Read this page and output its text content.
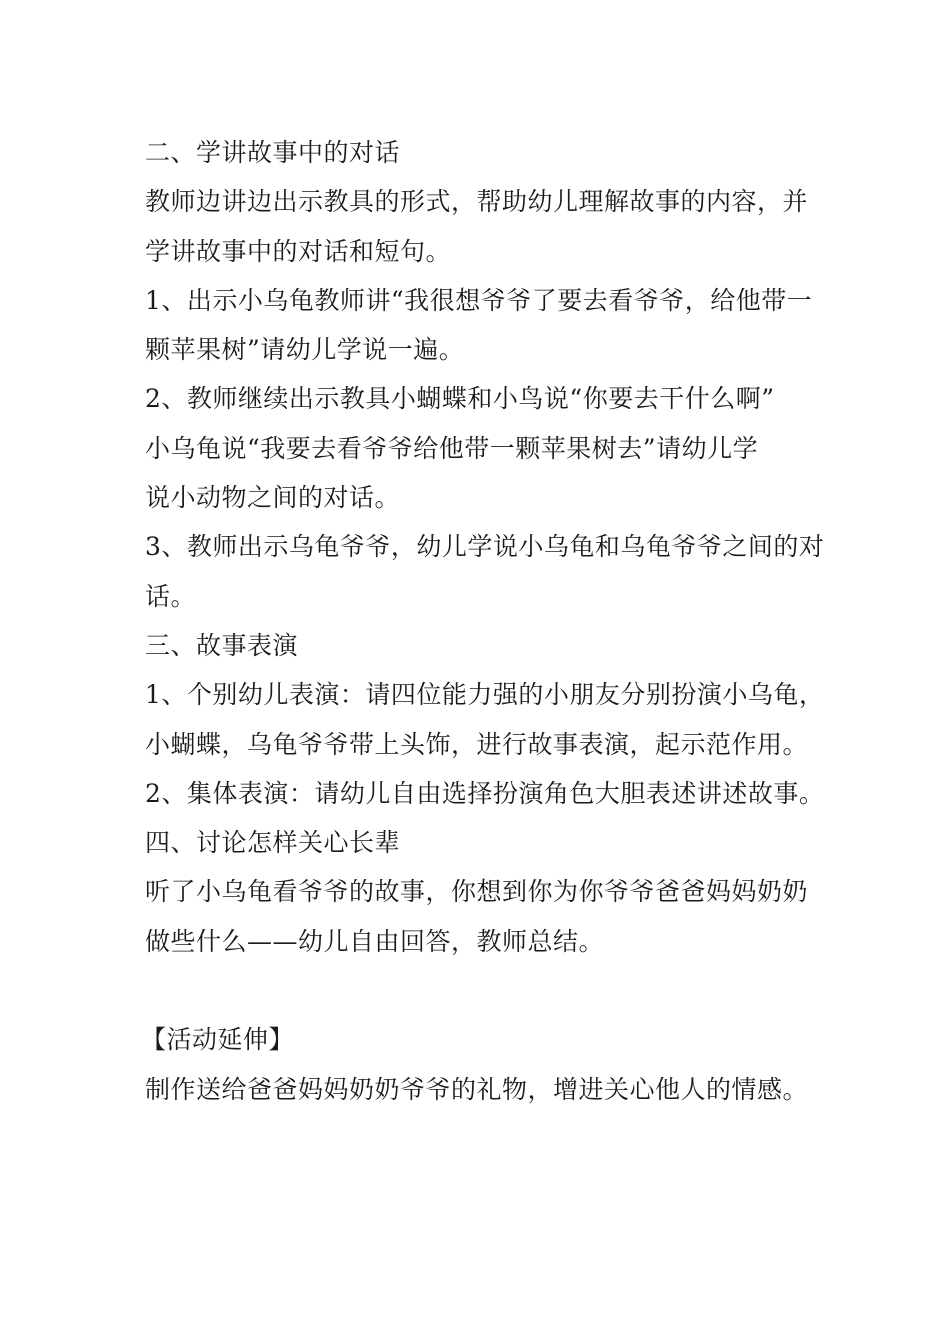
二、学讲故事中的对话
教师边讲边出示教具的形式，帮助幼儿理解故事的内容，并
学讲故事中的对话和短句。
1、出示小乌龟教师讲“我很想爷爷了要去看爷爷，给他带一
颗苹果树”请幼儿学说一遍。
2、教师继续出示教具小蝴蝶和小鸟说“你要去干什么啊”
小乌龟说“我要去看爷爷给他带一颗苹果树去”请幼儿学
说小动物之间的对话。
3、教师出示乌龟爷爷，幼儿学说小乌龟和乌龟爷爷之间的对
话。
三、故事表演
1、个别幼儿表演：请四位能力强的小朋友分别扮演小乌龟，
小蝴蝶，乌龟爷爷带上头饰，进行故事表演，起示范作用。
2、集体表演：请幼儿自由选择扮演角色大胆表述讲述故事。
四、讨论怎样关心长辈
听了小乌龟看爷爷的故事，你想到你为你爷爷爸爸妈妈奶奶
做些什么——幼儿自由回答，教师总结。
【活动延伸】
制作送给爸爸妈妈奶奶爷爷的礼物，增进关心他人的情感。
